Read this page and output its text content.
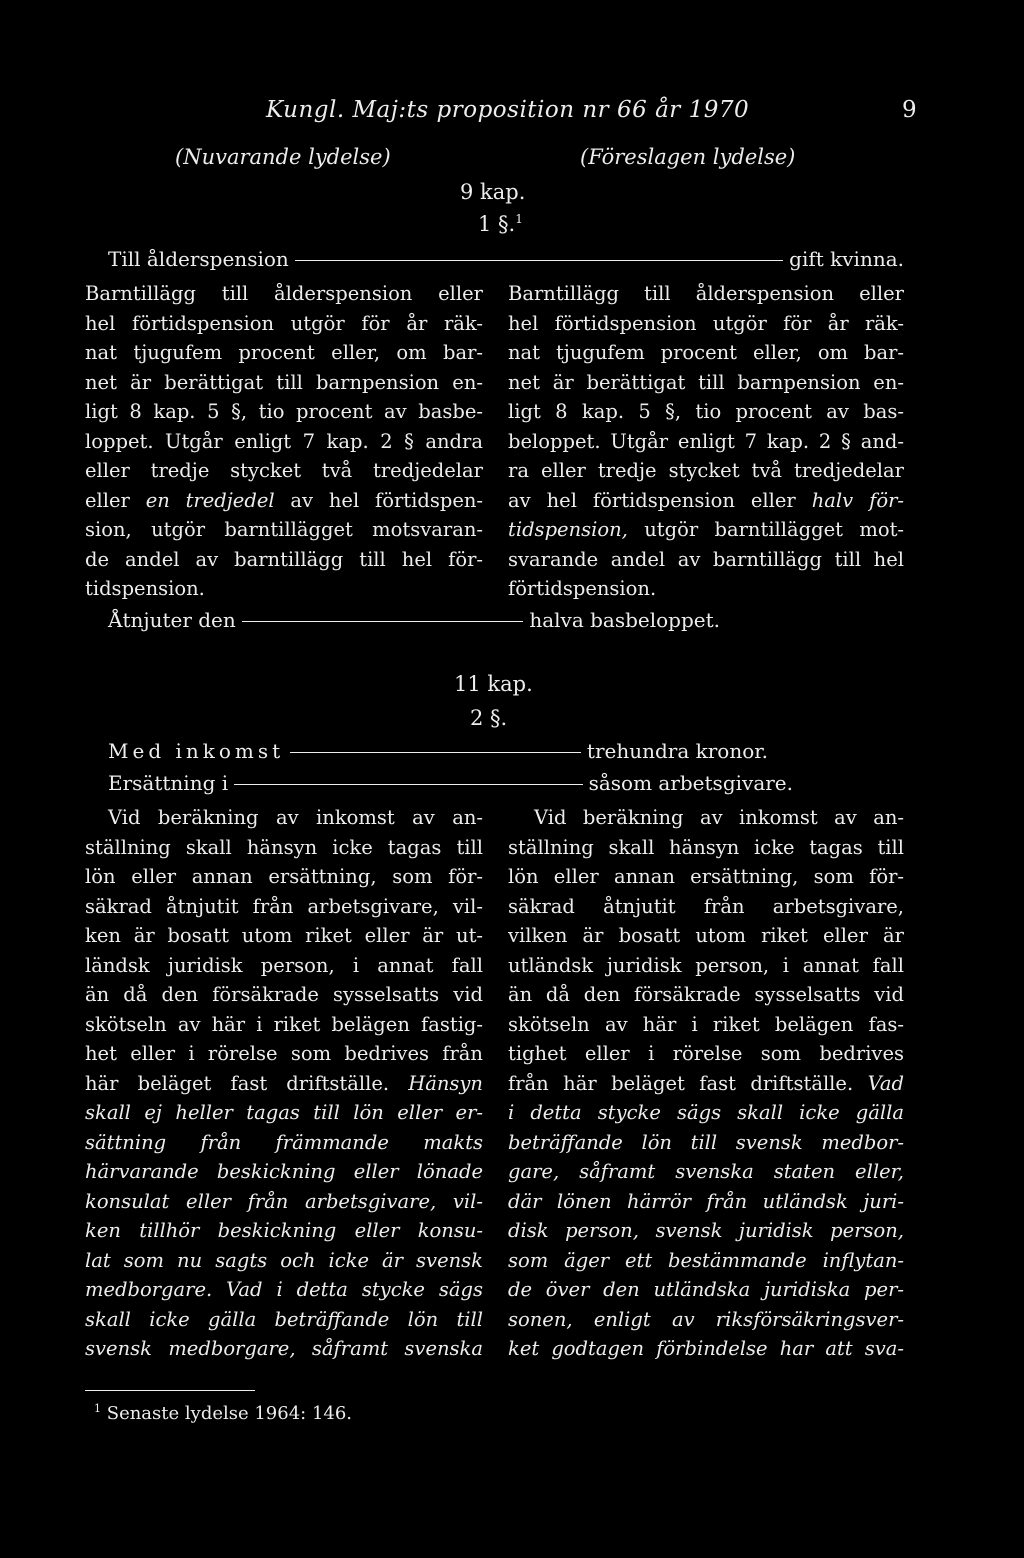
Kungl. Maj:ts proposition nr 66 år 1970	9
(Nuvarande lydelse)	(Föreslagen lydelse)
9 kap.
1 §.$^1$
Till ålderspension	gift kvinna.
Barntillägg till ålderspension eller
hel förtidspension utgör för år räk-
nat tjugufem procent eller, om bar-
net är berättigat till barnpension en-
ligt 8 kap. 5 §, tio procent av basbe-
loppet. Utgår enligt 7 kap. 2 § andra
eller tredje stycket två tredjedelar
eller en tredjedel av hel förtidspen-
sion, utgör barntillägget motsvaran-
de andel av barntillägg till hel för-
tidspension.
Barntillägg till ålderspension eller
hel förtidspension utgör för år räk-
nat tjugufem procent eller, om bar-
net är berättigat till barnpension en-
ligt 8 kap. 5 §, tio procent av bas-
beloppet. Utgår enligt 7 kap. 2 § and-
ra eller tredje stycket två tredjedelar
av hel förtidspension eller halv för-
tidspension, utgör barntillägget mot-
svarande andel av barntillägg till hel
förtidspension.
Åtnjuter den	halva basbeloppet.
11 kap.
2 §.
Med inkomst	trehundra kronor.
Ersättning i	såsom arbetsgivare.
Vid beräkning av inkomst av an-
ställning skall hänsyn icke tagas till
lön eller annan ersättning, som för-
säkrad åtnjutit från arbetsgivare, vil-
ken är bosatt utom riket eller är ut-
ländsk juridisk person, i annat fall
än då den försäkrade sysselsatts vid
skötseln av här i riket belägen fastig-
het eller i rörelse som bedrives från
här beläget fast driftställe. Hänsyn
skall ej heller tagas till lön eller er-
sättning från främmande makts
härvarande beskickning eller lönade
konsulat eller från arbetsgivare, vil-
ken tillhör beskickning eller konsu-
lat som nu sagts och icke är svensk
medborgare. Vad i detta stycke sägs
skall icke gälla beträffande lön till
svensk medborgare, såframt svenska
Vid beräkning av inkomst av an-
ställning skall hänsyn icke tagas till
lön eller annan ersättning, som för-
säkrad åtnjutit från arbetsgivare,
vilken är bosatt utom riket eller är
utländsk juridisk person, i annat fall
än då den försäkrade sysselsatts vid
skötseln av här i riket belägen fas-
tighet eller i rörelse som bedrives
från här beläget fast driftställe. Vad
i detta stycke sägs skall icke gälla
beträffande lön till svensk medbor-
gare, såframt svenska staten eller,
där lönen härrör från utländsk juri-
disk person, svensk juridisk person,
som äger ett bestämmande inflytan-
de över den utländska juridiska per-
sonen, enligt av riksförsäkringsver-
ket godtagen förbindelse har att sva-
$^1$ Senaste lydelse 1964: 146.
